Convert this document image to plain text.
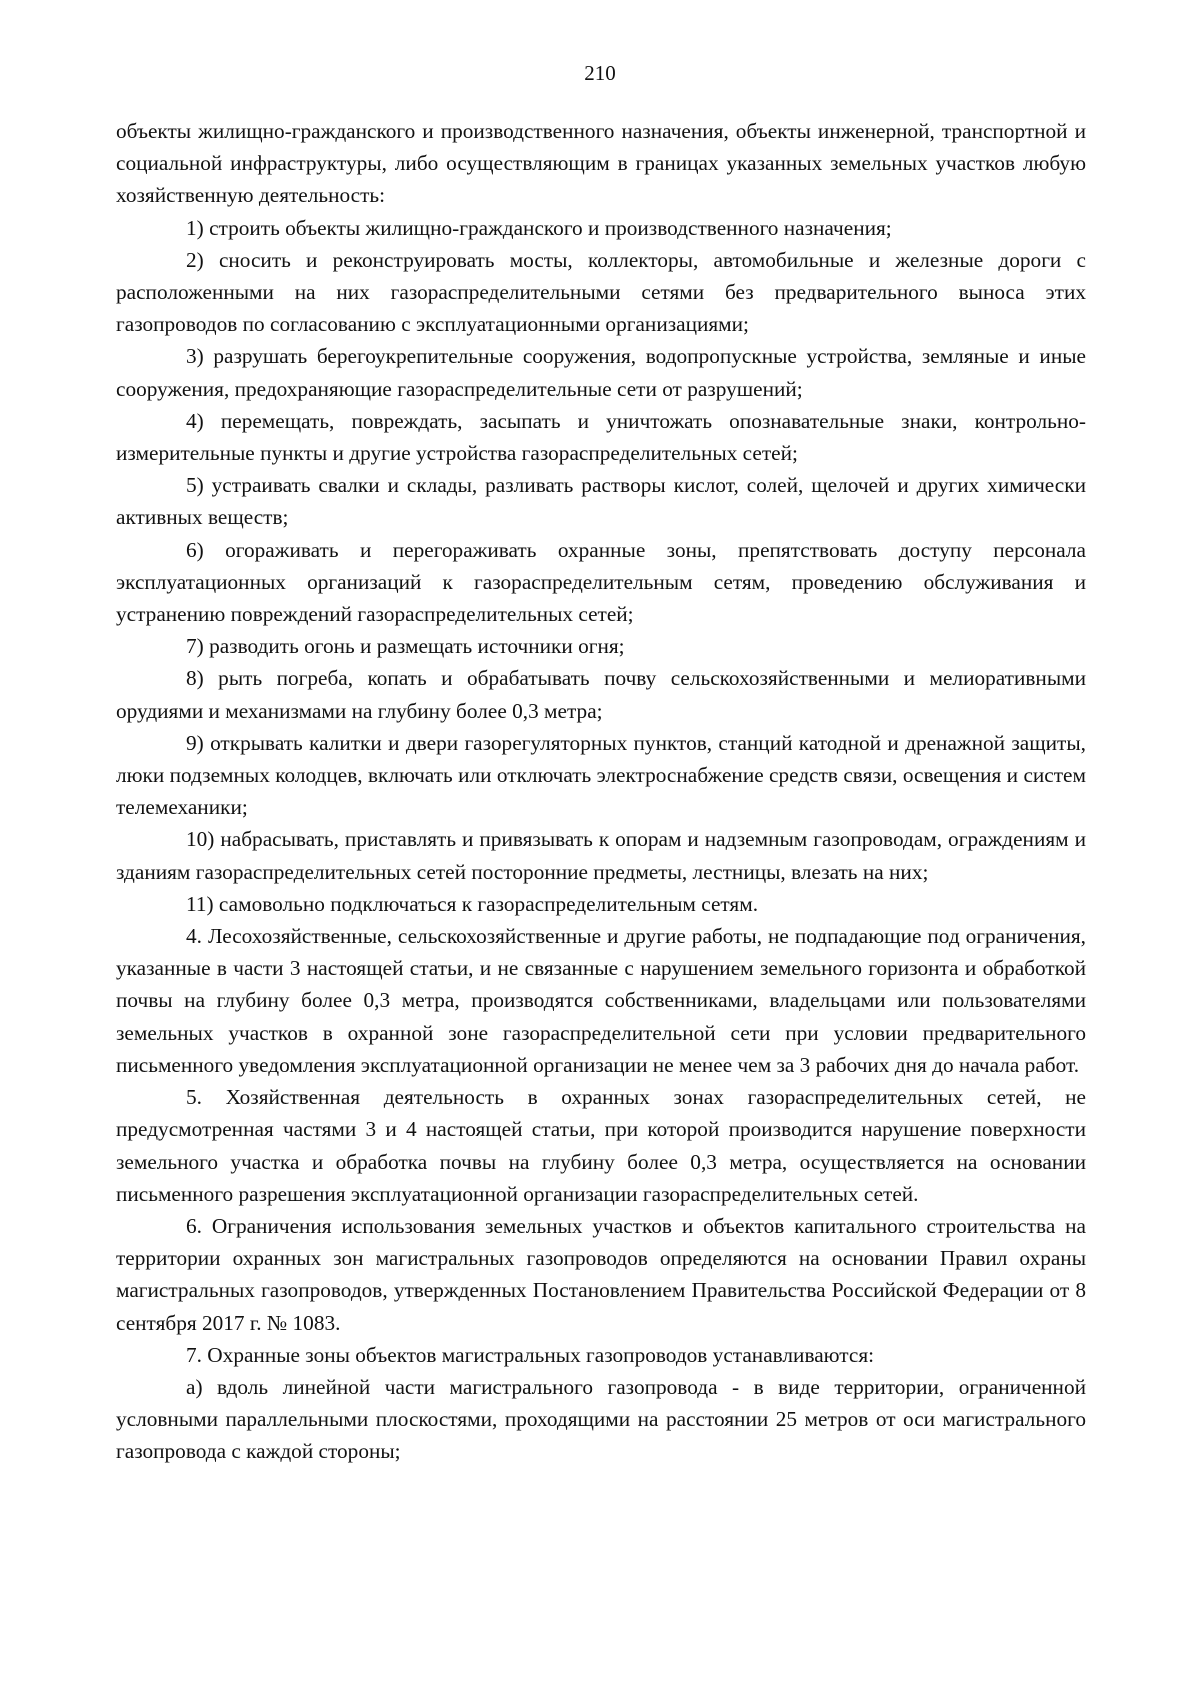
210

объекты жилищно-гражданского и производственного назначения, объекты инженерной, транспортной и социальной инфраструктуры, либо осуществляющим в границах указанных земельных участков любую хозяйственную деятельность:

1) строить объекты жилищно-гражданского и производственного назначения;

2) сносить и реконструировать мосты, коллекторы, автомобильные и железные дороги с расположенными на них газораспределительными сетями без предварительного выноса этих газопроводов по согласованию с эксплуатационными организациями;

3) разрушать берегоукрепительные сооружения, водопропускные устройства, земляные и иные сооружения, предохраняющие газораспределительные сети от разрушений;

4) перемещать, повреждать, засыпать и уничтожать опознавательные знаки, контрольно-измерительные пункты и другие устройства газораспределительных сетей;

5) устраивать свалки и склады, разливать растворы кислот, солей, щелочей и других химически активных веществ;

6) огораживать и перегораживать охранные зоны, препятствовать доступу персонала эксплуатационных организаций к газораспределительным сетям, проведению обслуживания и устранению повреждений газораспределительных сетей;

7) разводить огонь и размещать источники огня;

8) рыть погреба, копать и обрабатывать почву сельскохозяйственными и мелиоративными орудиями и механизмами на глубину более 0,3 метра;

9) открывать калитки и двери газорегуляторных пунктов, станций катодной и дренажной защиты, люки подземных колодцев, включать или отключать электроснабжение средств связи, освещения и систем телемеханики;

10) набрасывать, приставлять и привязывать к опорам и надземным газопроводам, ограждениям и зданиям газораспределительных сетей посторонние предметы, лестницы, влезать на них;

11) самовольно подключаться к газораспределительным сетям.

4. Лесохозяйственные, сельскохозяйственные и другие работы, не подпадающие под ограничения, указанные в части 3 настоящей статьи, и не связанные с нарушением земельного горизонта и обработкой почвы на глубину более 0,3 метра, производятся собственниками, владельцами или пользователями земельных участков в охранной зоне газораспределительной сети при условии предварительного письменного уведомления эксплуатационной организации не менее чем за 3 рабочих дня до начала работ.

5. Хозяйственная деятельность в охранных зонах газораспределительных сетей, не предусмотренная частями 3 и 4 настоящей статьи, при которой производится нарушение поверхности земельного участка и обработка почвы на глубину более 0,3 метра, осуществляется на основании письменного разрешения эксплуатационной организации газораспределительных сетей.

6. Ограничения использования земельных участков и объектов капитального строительства на территории охранных зон магистральных газопроводов определяются на основании Правил охраны магистральных газопроводов, утвержденных Постановлением Правительства Российской Федерации от 8 сентября 2017 г. № 1083.

7. Охранные зоны объектов магистральных газопроводов устанавливаются:

а) вдоль линейной части магистрального газопровода - в виде территории, ограниченной условными параллельными плоскостями, проходящими на расстоянии 25 метров от оси магистрального газопровода с каждой стороны;
